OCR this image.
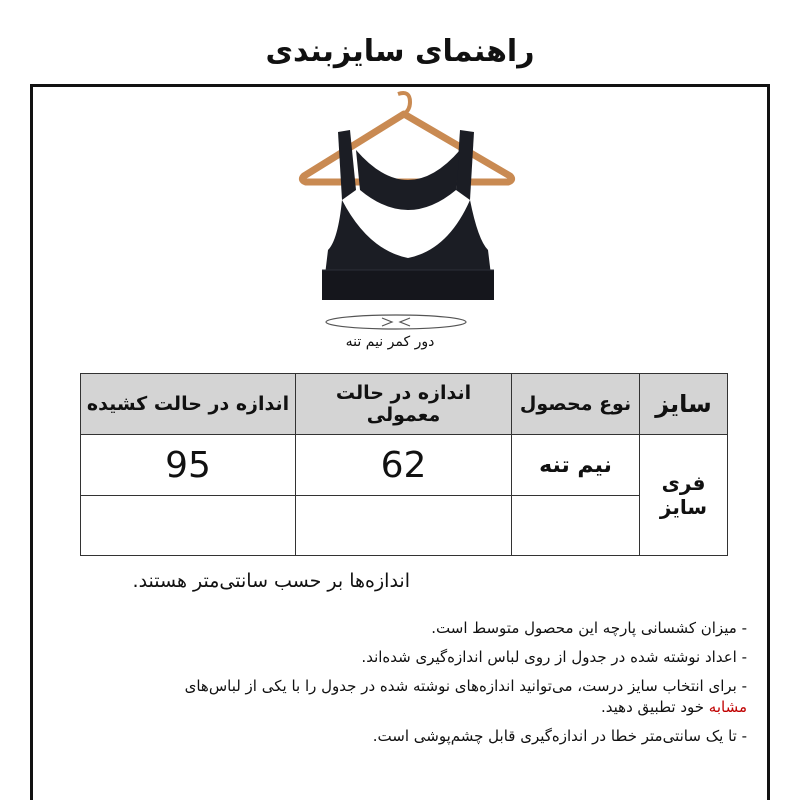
راهنمای سایزبندی
دور کمر نیم تنه
سایز	نوع محصول	اندازه در حالت معمولی	اندازه در حالت کشیده
فری سایز	نیم تنه	62	95

اندازه‌ها بر حسب سانتی‌متر هستند.
- میزان کشسانی پارچه این محصول متوسط است.
- اعداد نوشته شده در جدول از روی لباس اندازه‌گیری شده‌اند.
- برای انتخاب سایز درست، می‌توانید اندازه‌های نوشته شده در جدول را با یکی از لباس‌های مشابه خود تطبیق دهید.
- تا یک سانتی‌متر خطا در اندازه‌گیری قابل چشم‌پوشی است.
